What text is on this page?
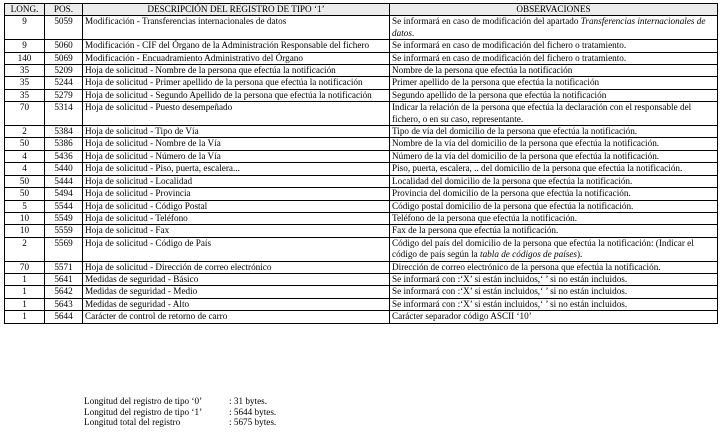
LONG.	POS.	DESCRIPCIÓN DEL REGISTRO DE TIPO ‘1’	OBSERVACIONES
9	5059	Modificación - Transferencias internacionales de datos	Se informará en caso de modificación del apartado Transferencias internacionales de datos.
9	5060	Modificación - CIF del Órgano de la Administración Responsable del fichero	Se informará en caso de modificación del fichero o tratamiento.
140	5069	Modificación - Encuadramiento Administrativo del Órgano	Se informará en caso de modificación del fichero o tratamiento.
35	5209	Hoja de solicitud - Nombre de la persona que efectúa la notificación	Nombre de la persona que efectúa la notificación
35	5244	Hoja de solicitud - Primer apellido de la persona que efectúa la notificación	Primer apellido de la persona que efectúa la notificación
35	5279	Hoja de solicitud - Segundo Apellido de la persona que efectúa la notificación	Segundo apellido de la persona que efectúa la notificación
70	5314	Hoja de solicitud - Puesto desempeñado	Indicar la relación de la persona que efectúa la declaración con el responsable del fichero, o en su caso, representante.
2	5384	Hoja de solicitud - Tipo de Vía	Tipo de vía del domicilio de la persona que efectúa la notificación.
50	5386	Hoja de solicitud - Nombre de la Vía	Nombre de la vía del domicilio de la persona que efectúa la notificación.
4	5436	Hoja de solicitud - Número de la Vía	Número de la vía del domicilio de la persona que efectúa la notificación.
4	5440	Hoja de solicitud - Piso, puerta, escalera...	Piso, puerta, escalera, .. del domicilio de la persona que efectúa la notificación.
50	5444	Hoja de solicitud - Localidad	Localidad del domicilio de la persona que efectúa la notificación.
50	5494	Hoja de solicitud - Provincia	Provincia del domicilio de la persona que efectúa la notificación.
5	5544	Hoja de solicitud - Código Postal	Código postal domicilio de la persona que efectúa la notificación.
10	5549	Hoja de solicitud - Teléfono	Teléfono de la persona que efectúa la notificación.
10	5559	Hoja de solicitud - Fax	Fax de la persona que efectúa la notificación.
2	5569	Hoja de solicitud - Código de País	Código del país del domicilio de la persona que efectúa la notificación: (Indicar el código de país según la tabla de códigos de países).
70	5571	Hoja de solicitud - Dirección de correo electrónico	Dirección de correo electrónico de la persona que efectúa la notificación.
1	5641	Medidas de seguridad - Básico	Se informará con :‘X’ si están incluidos,‘ ’ si no están incluidos.
1	5642	Medidas de seguridad - Medio	Se informará con :‘X’ si están incluidos,‘ ’ si no están incluidos.
1	5643	Medidas de seguridad - Alto	Se informará con :‘X’ si están incluidos,‘ ’ si no están incluidos.
1	5644	Carácter de control de retorno de carro	Carácter separador código ASCII ‘10’
Longitud del registro de tipo ‘0’	: 31 bytes.
Longitud del registro de tipo ‘1’	: 5644 bytes.
Longitud total del registro	: 5675 bytes.
